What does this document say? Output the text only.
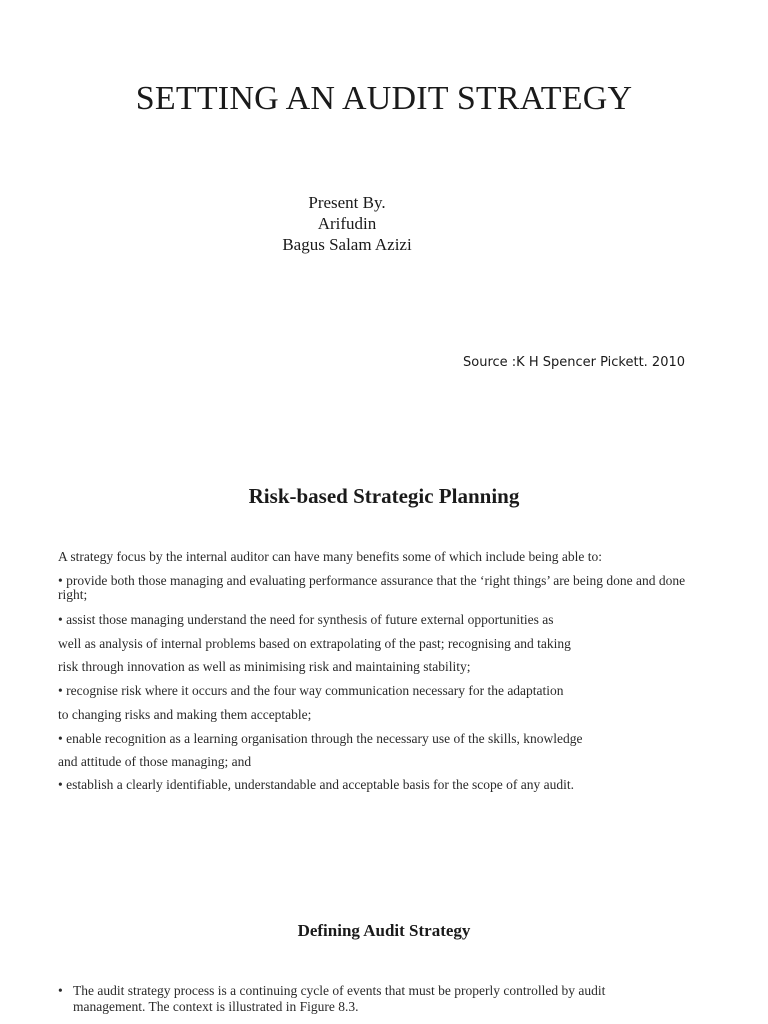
SETTING AN AUDIT STRATEGY
Present By.
Arifudin
Bagus Salam Azizi
Source :K H Spencer Pickett. 2010
Risk-based Strategic Planning
A strategy focus by the internal auditor can have many benefits some of which include being able to:
• provide both those managing and evaluating performance assurance that the ‘right things’ are being done and done right;
• assist those managing understand the need for synthesis of future external opportunities as
well as analysis of internal problems based on extrapolating of the past; recognising and taking
risk through innovation as well as minimising risk and maintaining stability;
• recognise risk where it occurs and the four way communication necessary for the adaptation
to changing risks and making them acceptable;
• enable recognition as a learning organisation through the necessary use of the skills, knowledge
and attitude of those managing; and
• establish a clearly identifiable, understandable and acceptable basis for the scope of any audit.
Defining Audit Strategy
• The audit strategy process is a continuing cycle of events that must be properly controlled by audit management. The context is illustrated in Figure 8.3.
